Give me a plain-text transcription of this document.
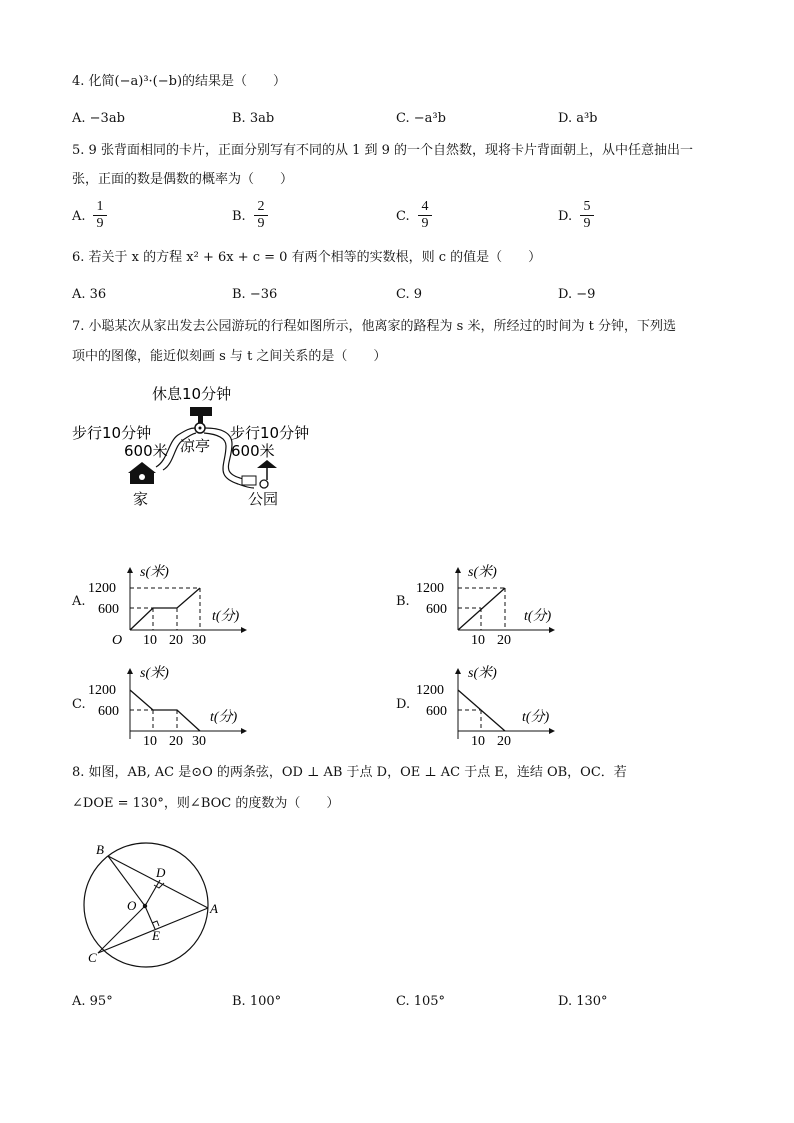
4. 化简(−a)³·(−b)的结果是（　　）
A. −3ab	B. 3ab	C. −a³b	D. a³b
5. 9 张背面相同的卡片，正面分别写有不同的从 1 到 9 的一个自然数，现将卡片背面朝上，从中任意抽出一
张，正面的数是偶数的概率为（　　）
A. $\frac{1}{9}$	B. $\frac{2}{9}$	C. $\frac{4}{9}$	D. $\frac{5}{9}$
6. 若关于 x 的方程 x² + 6x + c = 0 有两个相等的实数根，则 c 的值是（　　）
A. 36	B. −36	C. 9	D. −9
7. 小聪某次从家出发去公园游玩的行程如图所示，他离家的路程为 s 米，所经过的时间为 t 分钟，下列选
项中的图像，能近似刻画 s 与 t 之间关系的是（　　）
休息10分钟
步行10分钟
600米 凉亭
步行10分钟
600米
家	公园
A.
s(米)
t(分)
1200
600
10 20 30
O
B.
s(米)
t(分)
1200
600
10 20
C.
s(米)
t(分)
1200
600
10 20 30
D.
s(米)
t(分)
1200
600
10 20
8. 如图，AB, AC 是⊙O 的两条弦，OD ⊥ AB 于点 D，OE ⊥ AC 于点 E，连结 OB，OC．若
∠DOE = 130°，则∠BOC 的度数为（　　）
B
D
O	A
E
C
A. 95°	B. 100°	C. 105°	D. 130°
